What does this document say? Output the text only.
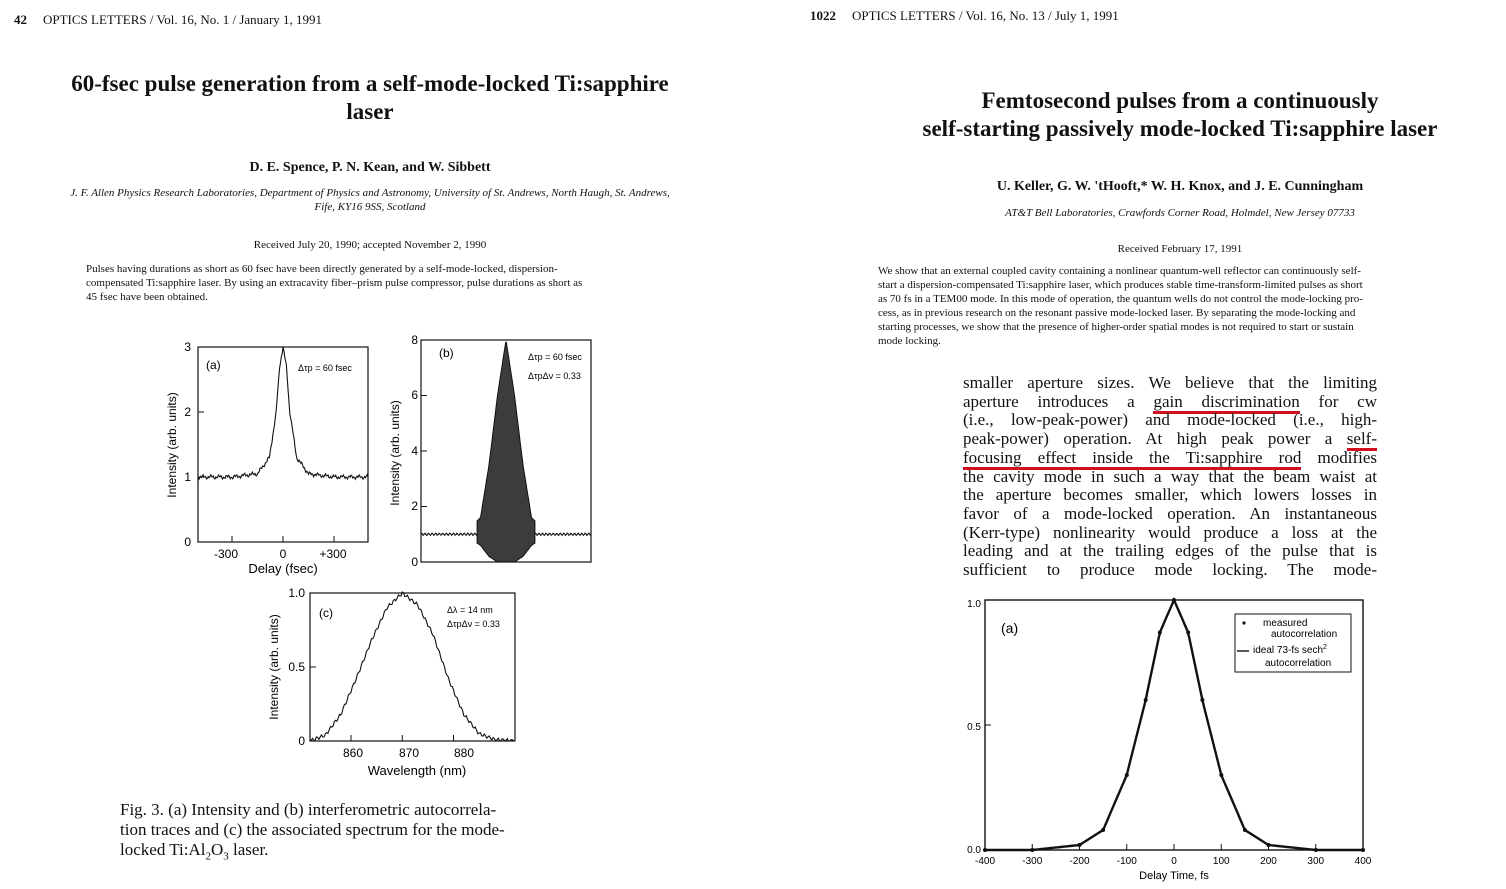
42 OPTICS LETTERS / Vol. 16, No. 1 / January 1, 1991
60-fsec pulse generation from a self-mode-locked Ti:sapphire
laser
D. E. Spence, P. N. Kean, and W. Sibbett
J. F. Allen Physics Research Laboratories, Department of Physics and Astronomy, University of St. Andrews, North Haugh, St. Andrews,
Fife, KY16 9SS, Scotland
Received July 20, 1990; accepted November 2, 1990
Pulses having durations as short as 60 fsec have been directly generated by a self-mode-locked, dispersion-
compensated Ti:sapphire laser. By using an extracavity fiber–prism pulse compressor, pulse durations as short as
45 fsec have been obtained.
(a)	Δτp = 60 fsec
Intensity (arb. units)
Delay (fsec)
-300	0	+300
0
1
2
3	(b)	Δτp = 60 fsec
ΔτpΔν = 0.33
Intensity (arb. units)
0
2
4
6
8
(c)	Δλ = 14 nm
ΔτpΔν = 0.33
Intensity (arb. units)
Wavelength (nm)
860	870	880
0
0.5
1.0
Fig. 3. (a) Intensity and (b) interferometric autocorrela-
tion traces and (c) the associated spectrum for the mode-
locked $Ti:Al_2O_3$ laser.
1022 OPTICS LETTERS / Vol. 16, No. 13 / July 1, 1991
Femtosecond pulses from a continuously
self-starting passively mode-locked Ti:sapphire laser
U. Keller, G. W. 'tHooft,* W. H. Knox, and J. E. Cunningham
AT&T Bell Laboratories, Crawfords Corner Road, Holmdel, New Jersey 07733
Received February 17, 1991
We show that an external coupled cavity containing a nonlinear quantum-well reflector can continuously self-
start a dispersion-compensated Ti:sapphire laser, which produces stable time-transform-limited pulses as short
as 70 fs in a TEM00 mode. In this mode of operation, the quantum wells do not control the mode-locking pro-
cess, as in previous research on the resonant passive mode-locked laser. By separating the mode-locking and
starting processes, we show that the presence of higher-order spatial modes is not required to start or sustain
mode locking.
smaller aperture sizes. We believe that the limiting
aperture introduces a gain discrimination for cw
(i.e., low-peak-power) and mode-locked (i.e., high-
peak-power) operation. At high peak power a self-
focusing effect inside the Ti:sapphire rod modifies
the cavity mode in such a way that the beam waist at
the aperture becomes smaller, which lowers losses in
favor of a mode-locked operation. An instantaneous
(Kerr-type) nonlinearity would produce a loss at the
leading and at the trailing edges of the pulse that is
sufficient to produce mode locking. The mode-
(a)	measured
autocorrelation
ideal 73-fs sech$^2$
autocorrelation
Delay Time, fs
-400	-300	-200	-100	0	100	200	300	400
0.0
0.5
1.0
